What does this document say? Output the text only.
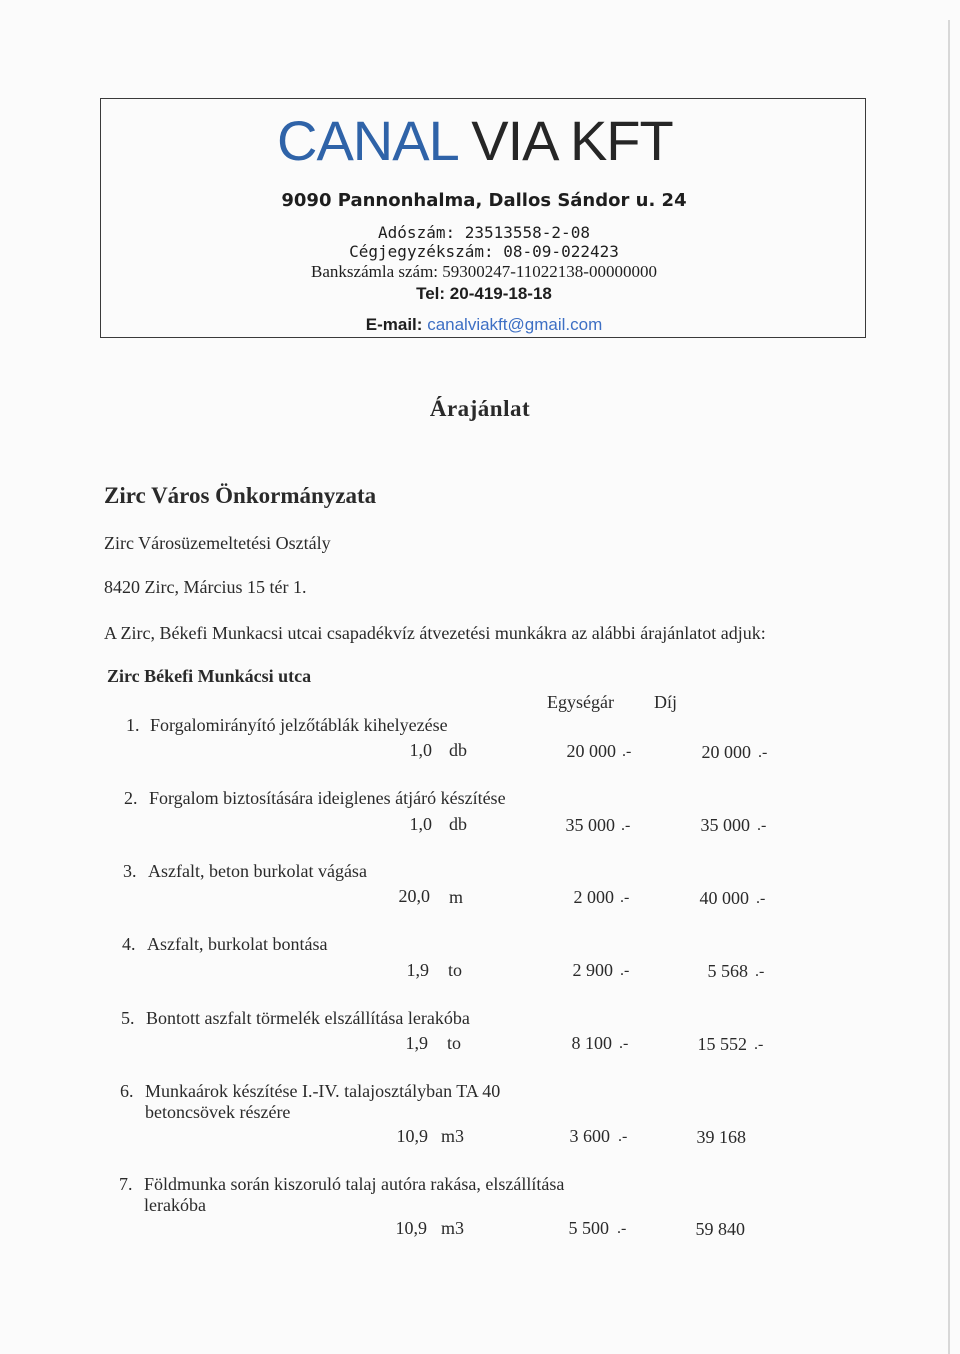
CANAL VIA KFT
9090 Pannonhalma, Dallos Sándor u. 24
Adószám: 23513558-2-08
Cégjegyzékszám: 08-09-022423
Bankszámla szám: 59300247-11022138-00000000
Tel: 20-419-18-18
E-mail: canalviakft@gmail.com
Árajánlat
Zirc Város Önkormányzata
Zirc Városüzemeltetési Osztály
8420 Zirc, Március 15 tér 1.
A Zirc, Békefi Munkacsi utcai csapadékvíz átvezetési munkákra az alábbi árajánlatot adjuk:
Zirc Békefi Munkácsi utca
Egységár Díj
1. Forgalomirányító jelzőtáblák kihelyezése
1,0 db	20 000 .-	20 000 .-
2. Forgalom biztosítására ideiglenes átjáró készítése
1,0 db	35 000 .-	35 000 .-
3. Aszfalt, beton burkolat vágása
20,0 m	2 000 .-	40 000 .-
4. Aszfalt, burkolat bontása
1,9 to	2 900 .-	5 568 .-
5. Bontott aszfalt törmelék elszállítása lerakóba
1,9 to	8 100 .-	15 552 .-
6. Munkaárok készítése I.-IV. talajosztályban TA 40
betoncsövek részére
10,9 m3	3 600 .-	39 168
7. Földmunka során kiszoruló talaj autóra rakása, elszállítása
lerakóba
10,9 m3	5 500 .-	59 840
